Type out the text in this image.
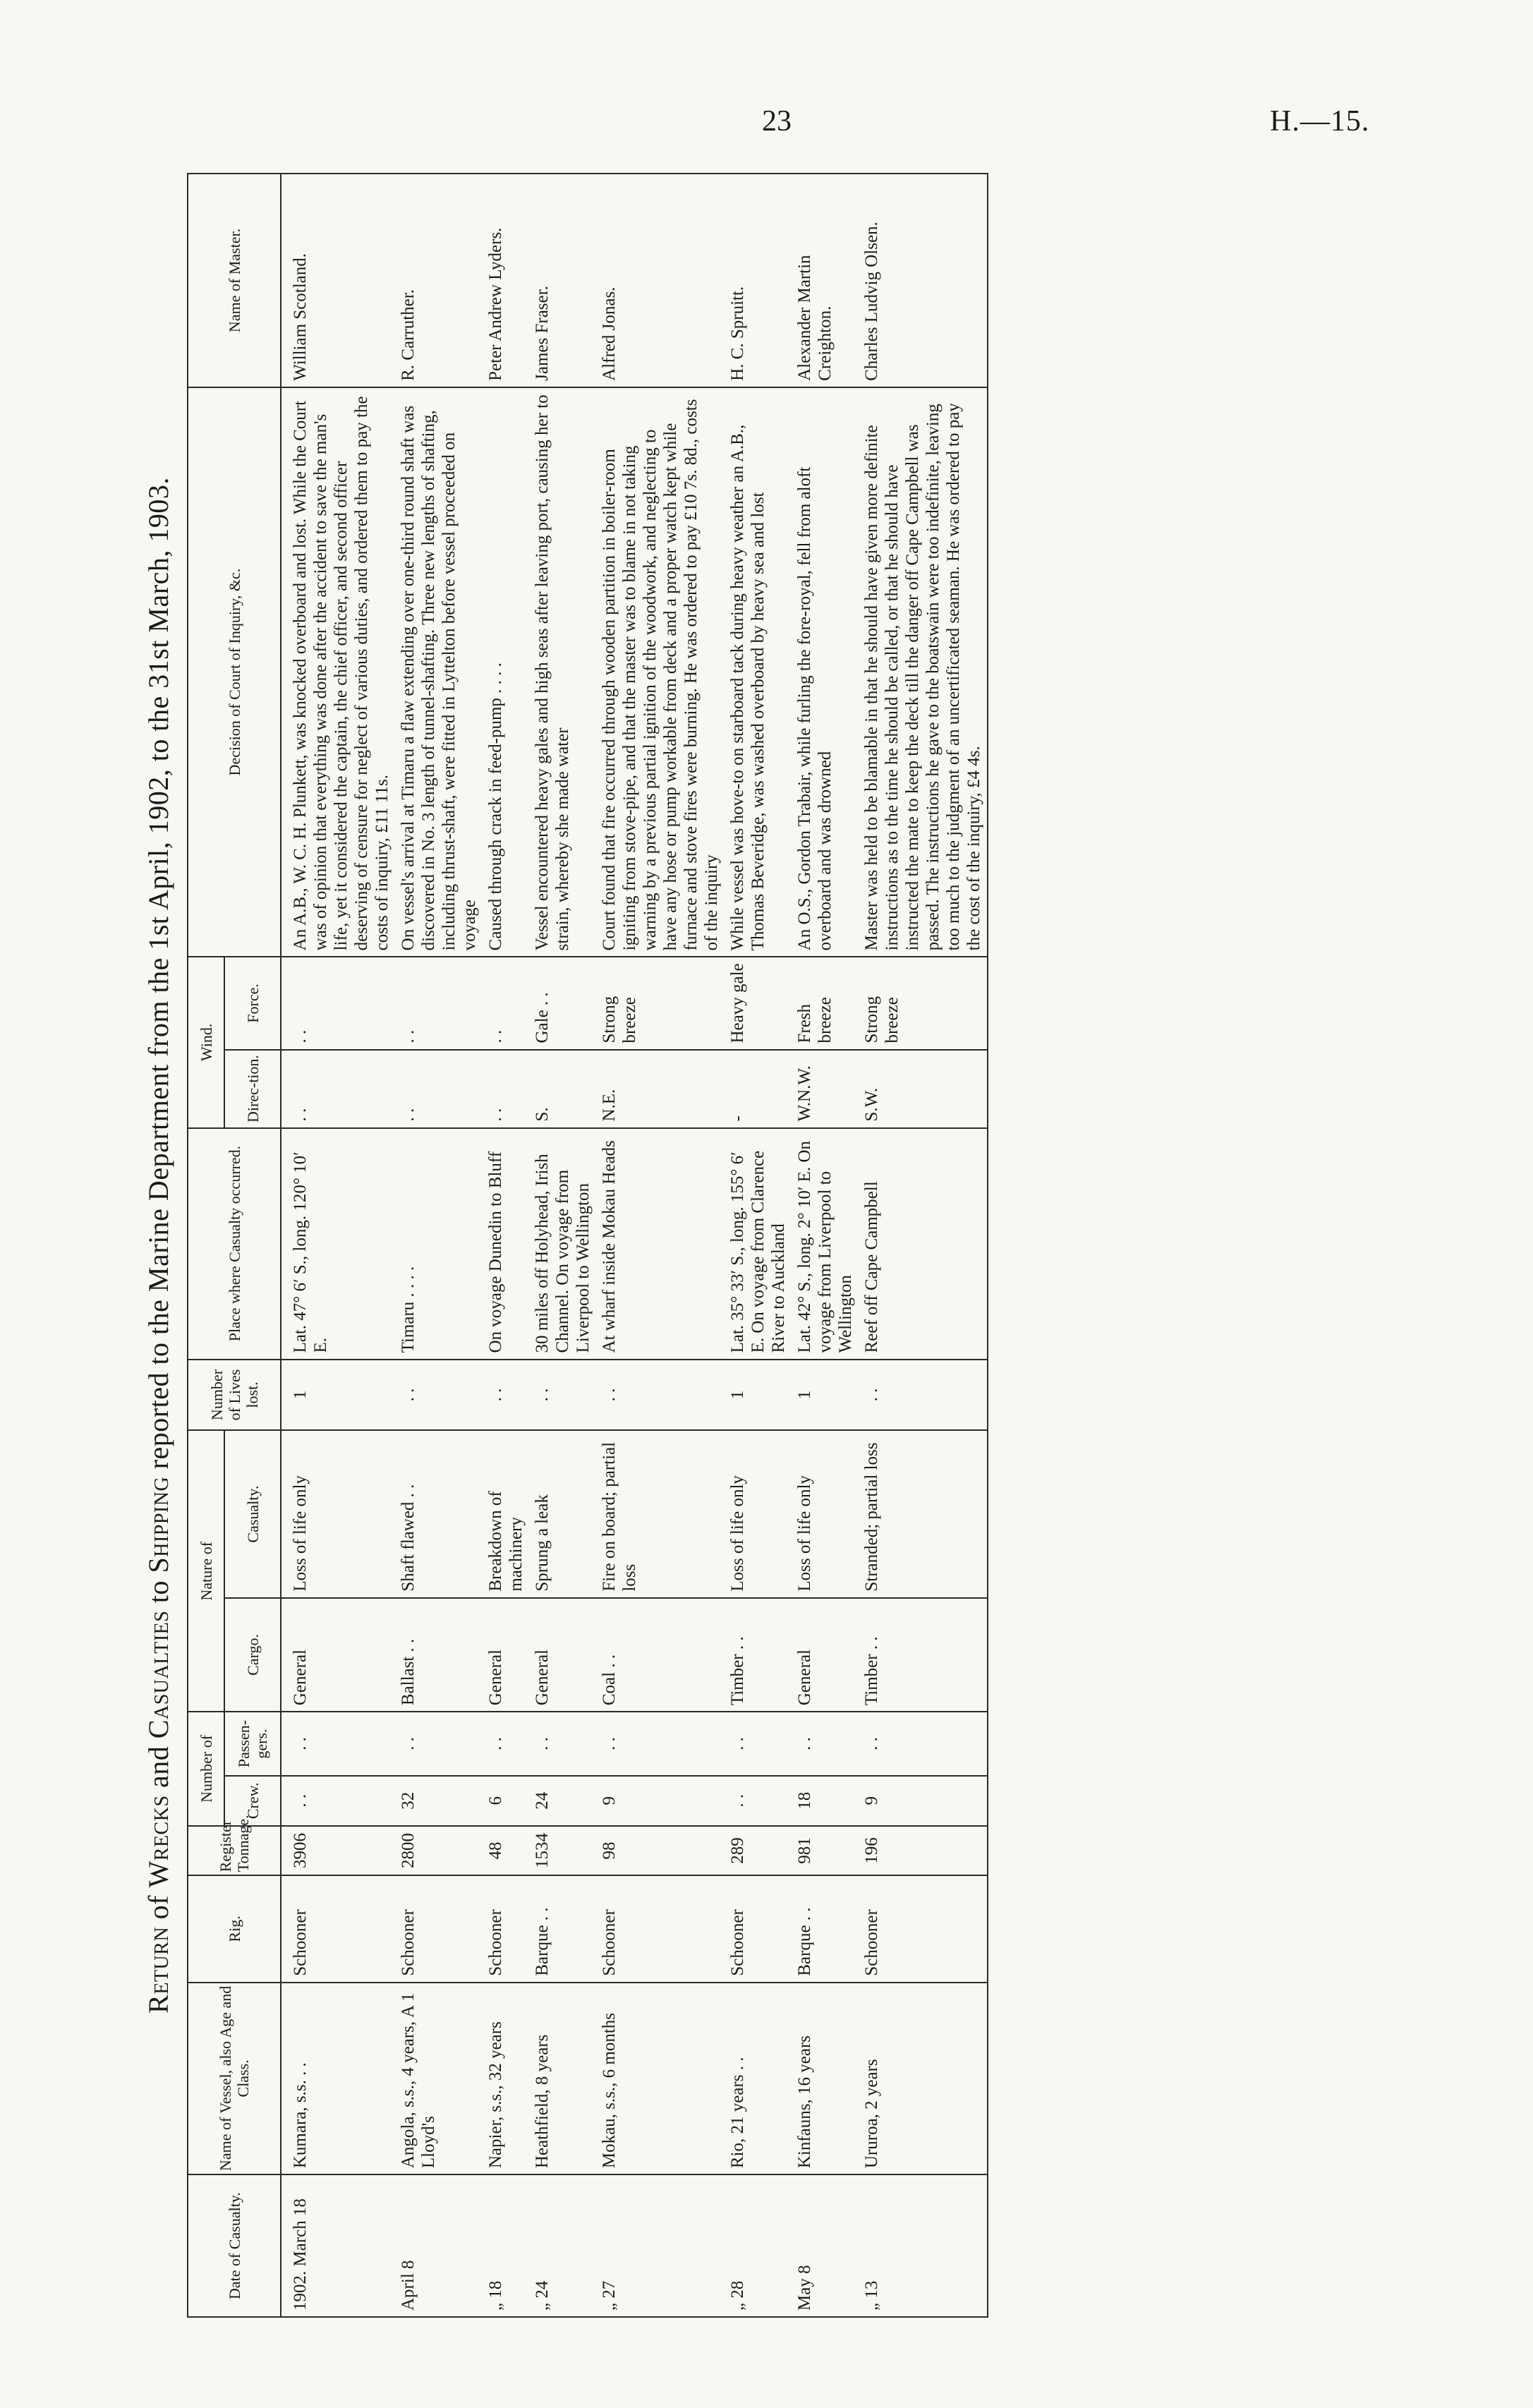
23	H.—15.
Return of Wrecks and Casualties to Shipping reported to the Marine Department from the 1st April, 1902, to the 31st March, 1903.
Date of Casualty.	Name of Vessel, also Age and Class.	Rig.	Register Tonnage.	Number of		Nature of		Number of Lives lost.	Place where Casualty occurred.	Wind.		Decision of Court of Inquiry, &c.	Name of Master.
				Crew.	Passen-gers.	Cargo.	Casualty.			Direc-tion.	Force.		
1902. March 18	Kumara, s.s. . .	Schooner	3906	. .	. .	General	Loss of life only	1	Lat. 47° 6′ S., long. 120° 10′ E.	. .	. .	An A.B., W. C. H. Plunkett, was knocked overboard and lost. While the Court was of opinion that everything was done after the accident to save the man's life, yet it considered the captain, the chief officer, and second officer deserving of censure for neglect of various duties, and ordered them to pay the costs of inquiry, £11 11s.	William Scotland.
April 8	Angola, s.s., 4 years, A 1 Lloyd's	Schooner	2800	32	. .	Ballast . .	Shaft flawed . .	. .	Timaru . . . .	. .	. .	On vessel's arrival at Timaru a flaw extending over one-third round shaft was discovered in No. 3 length of tunnel-shafting. Three new lengths of shafting, including thrust-shaft, were fitted in Lyttelton before vessel proceeded on voyage	R. Carruther.
„ 18	Napier, s.s., 32 years	Schooner	48	6	. .	General	Breakdown of machinery	. .	On voyage Dunedin to Bluff	. .	. .	Caused through crack in feed-pump . . . .	Peter Andrew Lyders.
„ 24	Heathfield, 8 years	Barque . .	1534	24	. .	General	Sprung a leak	. .	30 miles off Holyhead, Irish Channel. On voyage from Liverpool to Wellington	S.	Gale . .	Vessel encountered heavy gales and high seas after leaving port, causing her to strain, whereby she made water	James Fraser.
„ 27	Mokau, s.s., 6 months	Schooner	98	9	. .	Coal . .	Fire on board; partial loss	. .	At wharf inside Mokau Heads	N.E.	Strong breeze	Court found that fire occurred through wooden partition in boiler-room igniting from stove-pipe, and that the master was to blame in not taking warning by a previous partial ignition of the woodwork, and neglecting to have any hose or pump workable from deck and a proper watch kept while furnace and stove fires were burning. He was ordered to pay £10 7s. 8d., costs of the inquiry	Alfred Jonas.
„ 28	Rio, 21 years . .	Schooner	289	. .	. .	Timber . .	Loss of life only	1	Lat. 35° 33′ S., long. 155° 6′ E. On voyage from Clarence River to Auckland	-	Heavy gale	While vessel was hove-to on starboard tack during heavy weather an A.B., Thomas Beveridge, was washed overboard by heavy sea and lost	H. C. Spruitt.
May 8	Kinfauns, 16 years	Barque . .	981	18	. .	General	Loss of life only	1	Lat. 42° S., long. 2° 10′ E. On voyage from Liverpool to Wellington	W.N.W.	Fresh breeze	An O.S., Gordon Trabair, while furling the fore-royal, fell from aloft overboard and was drowned	Alexander Martin Creighton.
„ 13	Ururoa, 2 years	Schooner	196	9	. .	Timber . .	Stranded; partial loss	. .	Reef off Cape Campbell	S.W.	Strong breeze	Master was held to be blamable in that he should have given more definite instructions as to the time he should be called, or that he should have instructed the mate to keep the deck till the danger off Cape Campbell was passed. The instructions he gave to the boatswain were too indefinite, leaving too much to the judgment of an uncertificated seaman. He was ordered to pay the cost of the inquiry, £4 4s.	Charles Ludvig Olsen.
